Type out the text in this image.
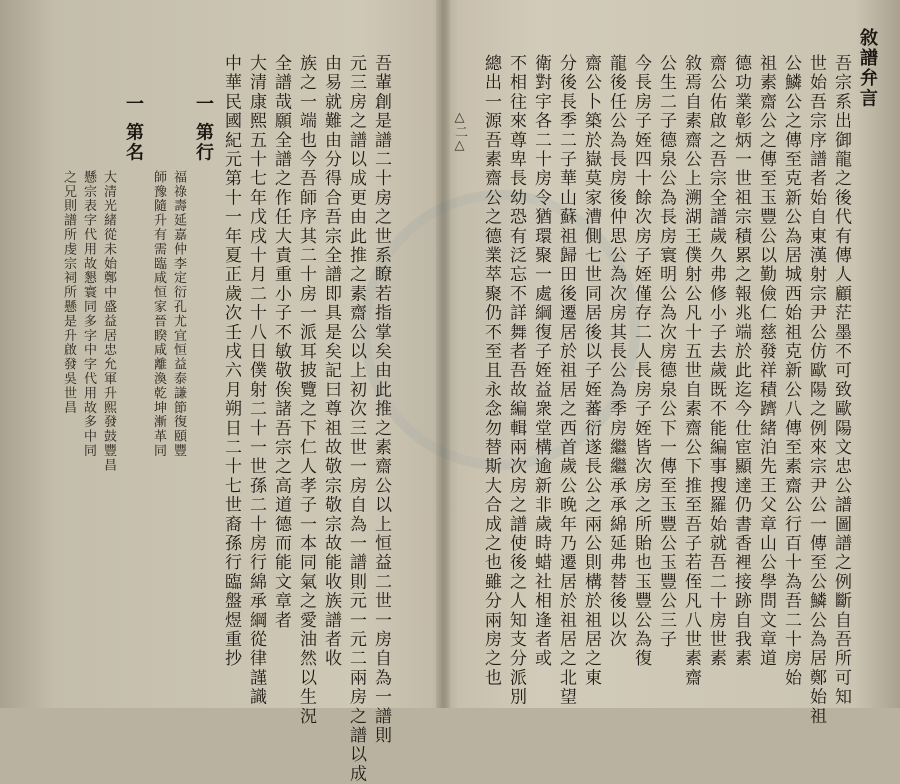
敘譜弁言
吾宗系出御龍之後代有傳人顧茫墨不可致歐陽文忠公譜圖譜之例斷自吾所可知
世始吾宗序譜者始自東漢射宗尹公仿歐陽之例來宗尹公一傳至公鱗公為居鄭始祖
公鱗公之傳至克新公為居城西始祖克新公八傳至素齋公行百十為吾二十房始
祖素齋公之傳至玉豐公以勤儉仁慈發祥積躋緒泊先王父章山公學問文章道
德功業彰炳一世祖宗積累之報兆端於此迄今仕宦顯達仍書香裡接跡自我素
齋公佑啟之吾宗全譜歲久弗修小子去歲既不能編事搜羅始就吾二十房世素
敘焉自素齋公上溯湖王僕射公凡十五世自素齋公下推至吾子若侄凡八世素齋
公生二子德泉公為長房寰明公為次房德泉公下一傳至玉豐公玉豐公三子
今長房子姪四十餘次房子姪僅存二人長房子姪皆次房之所貽也玉豐公為復
龍後任公為長房後仲思公為次房其長公為季房繼繼承承綿延弗替後以次
齋公卜築於嶽莫家漕側七世同居後以子姪蕃衍遂長公之兩公則構於祖居之東
分後長季二子華山蘇祖歸田後遷居於祖居之西首歲公晚年乃遷居於祖居之北望
衛對宇各二十房令猶環聚一處綱復子姪益衆堂構逾新非歲時蜡社相逢者或
不相往來尊卑長幼恐有泛忘不詳舞者吾故編輯兩次房之譜使後之人知支分派別
總出一源吾素齋公之德業萃聚仍不至且永念勿替斯大合成之也雖分兩房之也
△二△
吾輩創是譜二十房之世系瞭若指掌矣由此推之素齋公以上恒益二世一房自為一譜則
元三房之譜以成更由此推之素齋公以上初次三世一房自為一譜則元一元二兩房之譜以成
由易就難由分得合吾宗全譜即具是矣記曰尊祖故敬宗敬宗故能收族譜者收
族之一端也今吾師序其二十房一派耳披覽之下仁人孝子一本同氣之愛油然以生況
全譜哉願全譜之作任大責重小子不敏敬俟諸吾宗之高道德而能文章者
大清康熙五十七年戊戌十月二十八日僕射二十一世孫二十房行綿承綱從律謹識
中華民國紀元第十一年夏正歲次壬戌六月朔日二十七世裔孫行臨盤煜重抄
一 第行
福祿壽延嘉仲李定衍孔尤宜恒益泰謙節復頤豐
師豫隨升有需臨咸恒家晉睽咸離渙乾坤漸革同
一 第名
大清光緒從未始鄭中盛益居忠允軍升熙發鼓豐昌
懸宗表字代用故懇寰同多字中字代用故多中同
之兄則譜所虔宗祠所懸是升啟發吳世昌
